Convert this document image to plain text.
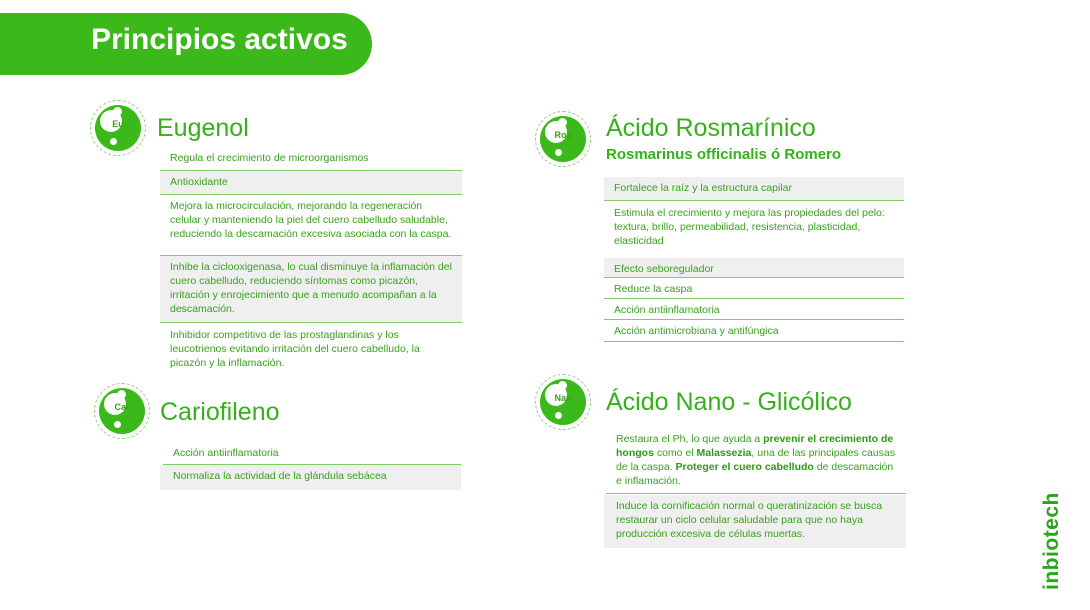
Principios activos
Eu	Eugenol
Regula el crecimiento de microorganismos
Antioxidante
Mejora la microcirculación, mejorando la regeneración celular y manteniendo la piel del cuero cabelludo saludable, reduciendo la descamación excesiva asociada con la caspa.
Inhibe la ciclooxigenasa, lo cual disminuye la inflamación del cuero cabelludo, reduciendo síntomas como picazón, irritación y enrojecimiento que a menudo acompañan a la descamación.
Inhibidor competitivo de las prostaglandinas y los leucotrienos evitando irritación del cuero cabelludo, la picazón y la inflamación.
Car	Cariofileno
Acción antiinflamatoria
Normaliza la actividad de la glándula sebácea
Ros	Ácido Rosmarínico
Rosmarinus officinalis ó Romero
Fortalece la raíz y la estructura capilar
Estimula el crecimiento y mejora las propiedades del pelo: textura, brillo, permeabilidad, resistencia, plasticidad, elasticidad
Efecto seboregulador
Reduce la caspa
Acción antiinflamatoria
Acción antimicrobiana y antifúngica
Nan	Ácido Nano - Glicólico
Restaura el Ph, lo que ayuda a prevenir el crecimiento de hongos como el Malassezia, una de las principales causas de la caspa. Proteger el cuero cabelludo de descamación e inflamación.
Induce la cornificación normal o queratinización se busca restaurar un ciclo celular saludable para que no haya producción excesiva de células muertas.	inbiotech
